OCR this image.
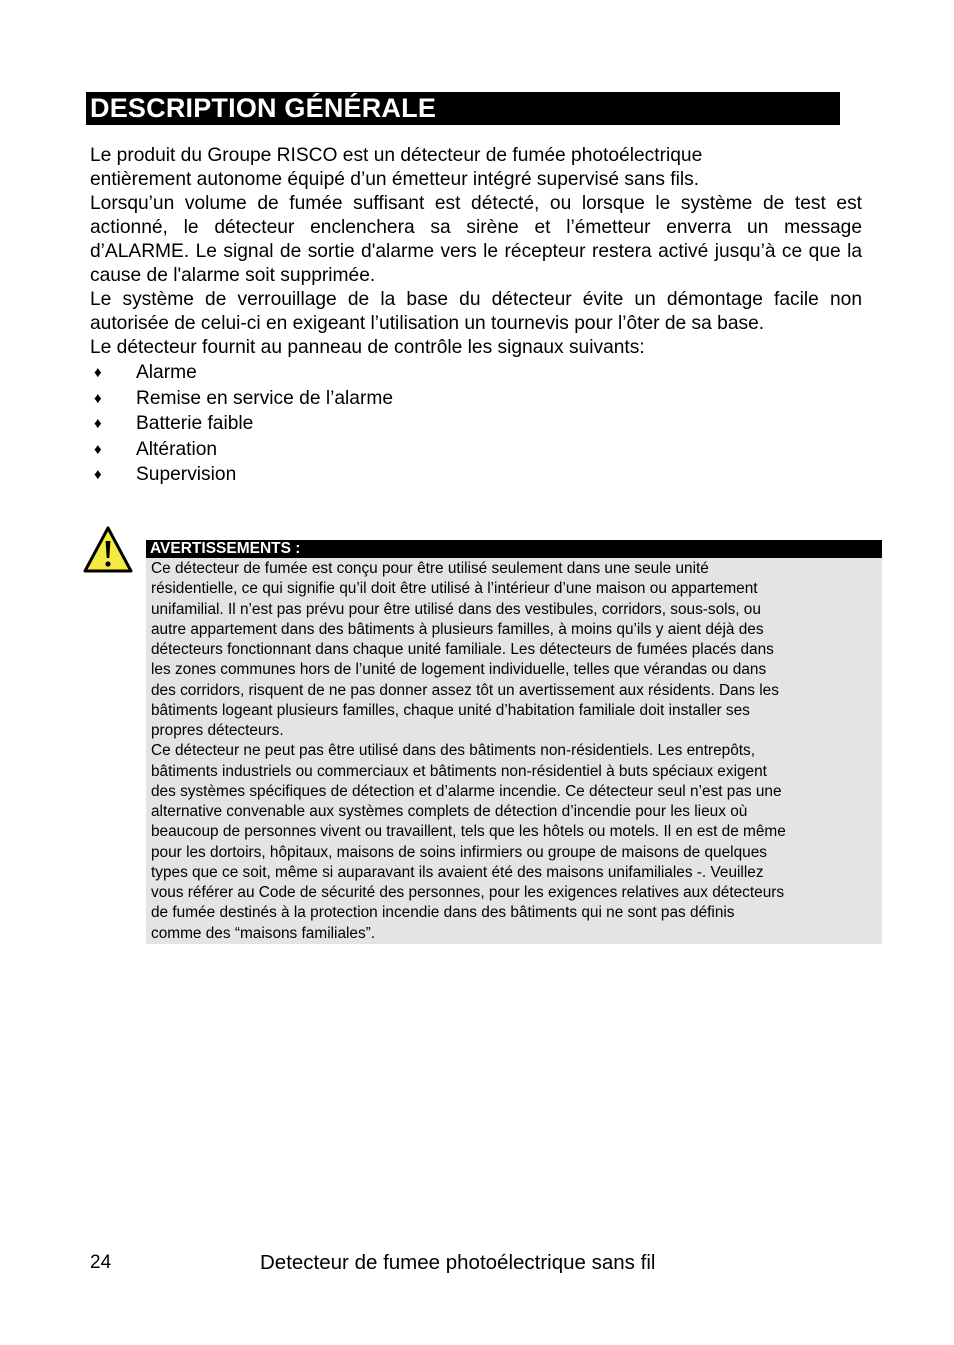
DESCRIPTION GÉNÉRALE

Le produit du Groupe RISCO est un détecteur de fumée photoélectrique

entièrement autonome équipé d’un émetteur intégré supervisé sans fils.

Lorsqu’un volume de fumée suffisant est détecté, ou lorsque le système de test est actionné, le détecteur enclenchera sa sirène et l’émetteur enverra un message d’ALARME. Le signal de sortie d'alarme vers le récepteur restera activé jusqu’à ce que la cause de l'alarme soit supprimée.

Le système de verrouillage de la base du détecteur évite un démontage facile non autorisée de celui-ci en exigeant l’utilisation un tournevis pour l’ôter de sa base.

Le détecteur fournit au panneau de contrôle les signaux suivants:

♦ Alarme
♦ Remise en service de l’alarme
♦ Batterie faible
♦ Altération
♦ Supervision
AVERTISSEMENTS :

Ce détecteur de fumée est conçu pour être utilisé seulement dans une seule unité

résidentielle, ce qui signifie qu’il doit être utilisé à l’intérieur d’une maison ou appartement

unifamilial. Il n’est pas prévu pour être utilisé dans des vestibules, corridors, sous-sols, ou

autre appartement dans des bâtiments à plusieurs familles, à moins qu’ils y aient déjà des

détecteurs fonctionnant dans chaque unité familiale. Les détecteurs de fumées placés dans

les zones communes hors de l’unité de logement individuelle, telles que vérandas ou dans

des corridors, risquent de ne pas donner assez tôt un avertissement aux résidents. Dans les

bâtiments logeant plusieurs familles, chaque unité d’habitation familiale doit installer ses

propres détecteurs.

Ce détecteur ne peut pas être utilisé dans des bâtiments non-résidentiels. Les entrepôts,

bâtiments industriels ou commerciaux et bâtiments non-résidentiel à buts spéciaux exigent

des systèmes spécifiques de détection et d’alarme incendie. Ce détecteur seul n’est pas une

alternative convenable aux systèmes complets de détection d’incendie pour les lieux où

beaucoup de personnes vivent ou travaillent, tels que les hôtels ou motels. Il en est de même

pour les dortoirs, hôpitaux, maisons de soins infirmiers ou groupe de maisons de quelques

types que ce soit, même si auparavant ils avaient été des maisons unifamiliales -. Veuillez

vous référer au Code de sécurité des personnes, pour les exigences relatives aux détecteurs

de fumée destinés à la protection incendie dans des bâtiments qui ne sont pas définis

comme des “maisons familiales”.

24	Detecteur de fumee photoélectrique sans fil
